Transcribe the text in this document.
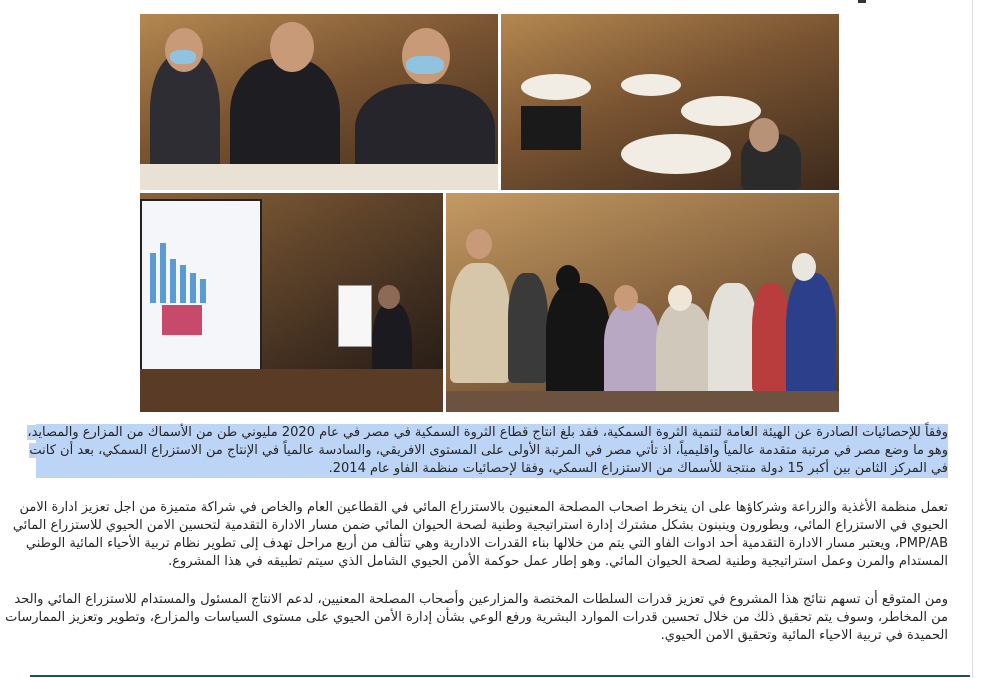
وفقاً للإحصائيات الصادرة عن الهيئة العامة لتنمية الثروة السمكية، فقد بلغ انتاج قطاع الثروة السمكية في مصر في عام 2020 مليوني طن من الأسماك من المزارع والمصايد،
وهو ما وضع مصر في مرتبة متقدمة عالمياً واقليمياً، اذ تأتي مصر في المرتبة الأولى على المستوى الافريقي، والسادسة عالمياً في الإنتاج من الاستزراع السمكي، بعد أن كانت
في المركز الثامن بين أكبر 15 دولة منتجة للأسماك من الاستزراع السمكي، وفقا لإحصائيات منظمة الفاو عام 2014.
تعمل منظمة الأغذية والزراعة وشركاؤها على ان ينخرط اصحاب المصلحة المعنيون بالاستزراع المائي في القطاعين العام والخاص في شراكة متميزة من اجل تعزيز ادارة الامن
الحيوي في الاستزراع المائي، ويطورون وينبنون بشكل مشترك إدارة استراتيجية وطنية لصحة الحيوان المائي ضمن مسار الادارة التقدمية لتحسين الامن الحيوي للاستزراع المائي
PMP/AB، ويعتبر مسار الادارة التقدمية أحد ادوات الفاو التي يتم من خلالها بناء القدرات الادارية وهي تتألف من أربع مراحل تهدف إلى تطوير نظام تربية الأحياء المائية الوطني
المستدام والمرن وعمل استراتيجية وطنية لصحة الحيوان المائي. وهو إطار عمل حوكمة الأمن الحيوي الشامل الذي سيتم تطبيقه في هذا المشروع.
ومن المتوقع أن تسهم نتائج هذا المشروع في تعزيز قدرات السلطات المختصة والمزارعين وأصحاب المصلحة المعنيين، لدعم الانتاج المسئول والمستدام للاستزراع المائي والحد
من المخاطر، وسوف يتم تحقيق ذلك من خلال تحسين قدرات الموارد البشرية ورفع الوعي بشأن إدارة الأمن الحيوي على مستوى السياسات والمزارع، وتطوير وتعزيز الممارسات
الحميدة في تربية الاحياء المائية وتحقيق الامن الحيوي.
